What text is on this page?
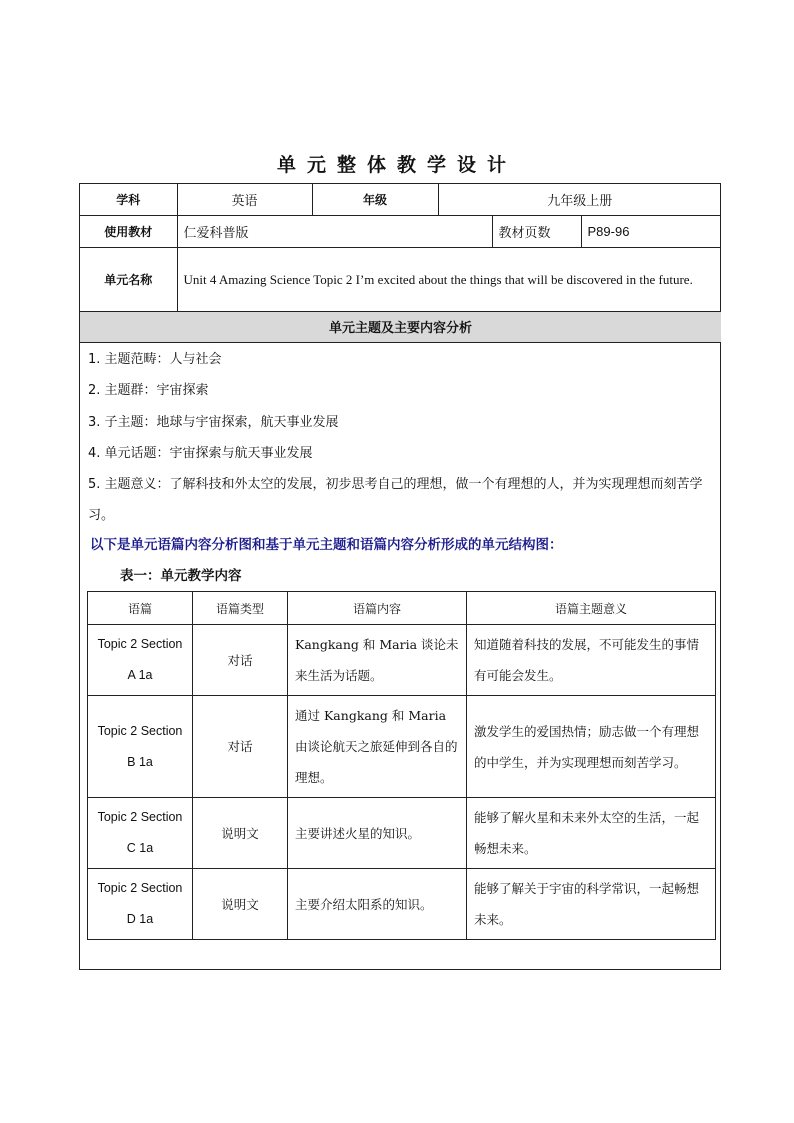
单元整体教学设计
学科	英语	年级	九年级上册		
使用教材	仁爱科普版			教材页数	P89-96
单元名称	Unit 4 Amazing Science Topic 2 I’m excited about the things that will be discovered in the future.				
单元主题及主要内容分析					
1. 主题范畴：人与社会
2. 主题群：宇宙探索
3. 子主题：地球与宇宙探索，航天事业发展
4. 单元话题：宇宙探索与航天事业发展
5. 主题意义：了解科技和外太空的发展，初步思考自己的理想，做一个有理想的人，并为实现理想而刻苦学习。
以下是单元语篇内容分析图和基于单元主题和语篇内容分析形成的单元结构图：
表一：单元教学内容
语篇	语篇类型	语篇内容	语篇主题意义
Topic 2 Section A 1a	对话	Kangkang 和 Maria 谈论未来生活为话题。	知道随着科技的发展，不可能发生的事情有可能会发生。
Topic 2 Section B 1a	对话	通过 Kangkang 和 Maria 由谈论航天之旅延伸到各自的理想。	激发学生的爱国热情；励志做一个有理想的中学生，并为实现理想而刻苦学习。
Topic 2 Section C 1a	说明文	主要讲述火星的知识。	能够了解火星和未来外太空的生活，一起畅想未来。
Topic 2 Section D 1a	说明文	主要介绍太阳系的知识。	能够了解关于宇宙的科学常识，一起畅想未来。
